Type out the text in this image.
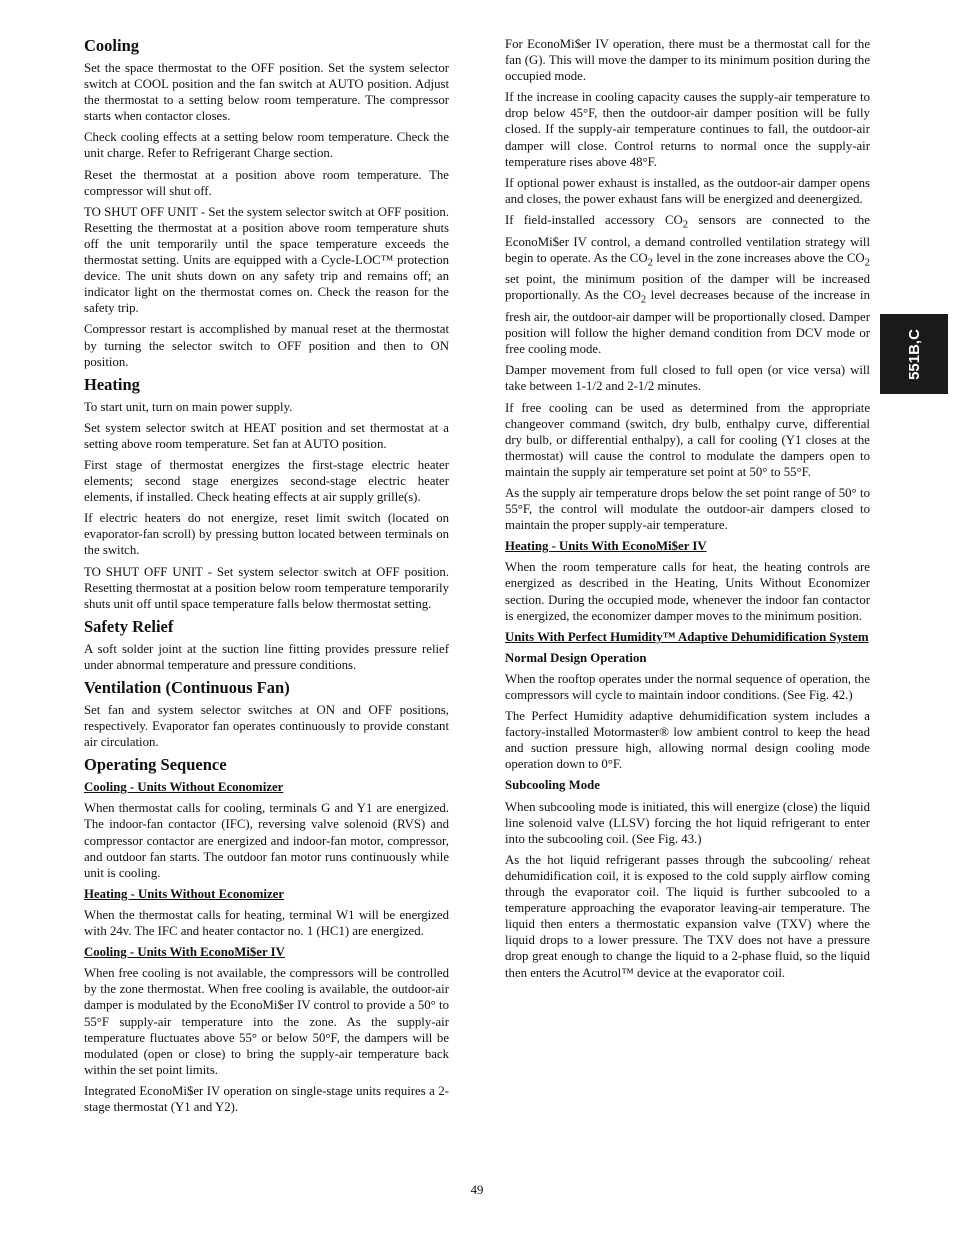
Cooling

Set the space thermostat to the OFF position. Set the system selector switch at COOL position and the fan switch at AUTO position. Adjust the thermostat to a setting below room temperature. The compressor starts when contactor closes.

Check cooling effects at a setting below room temperature. Check the unit charge. Refer to Refrigerant Charge section.

Reset the thermostat at a position above room temperature. The compressor will shut off.

TO SHUT OFF UNIT - Set the system selector switch at OFF position. Resetting the thermostat at a position above room temperature shuts off the unit temporarily until the space temperature exceeds the thermostat setting. Units are equipped with a Cycle-LOC™ protection device. The unit shuts down on any safety trip and remains off; an indicator light on the thermostat comes on. Check the reason for the safety trip.

Compressor restart is accomplished by manual reset at the thermostat by turning the selector switch to OFF position and then to ON position.

Heating

To start unit, turn on main power supply.

Set system selector switch at HEAT position and set thermostat at a setting above room temperature. Set fan at AUTO position.

First stage of thermostat energizes the first-stage electric heater elements; second stage energizes second-stage electric heater elements, if installed. Check heating effects at air supply grille(s).

If electric heaters do not energize, reset limit switch (located on evaporator-fan scroll) by pressing button located between terminals on the switch.

TO SHUT OFF UNIT - Set system selector switch at OFF position. Resetting thermostat at a position below room temperature temporarily shuts unit off until space temperature falls below thermostat setting.

Safety Relief

A soft solder joint at the suction line fitting provides pressure relief under abnormal temperature and pressure conditions.

Ventilation (Continuous Fan)

Set fan and system selector switches at ON and OFF positions, respectively. Evaporator fan operates continuously to provide constant air circulation.

Operating Sequence
Cooling - Units Without Economizer

When thermostat calls for cooling, terminals G and Y1 are energized. The indoor-fan contactor (IFC), reversing valve solenoid (RVS) and compressor contactor are energized and indoor-fan motor, compressor, and outdoor fan starts. The outdoor fan motor runs continuously while unit is cooling.

Heating - Units Without Economizer

When the thermostat calls for heating, terminal W1 will be energized with 24v. The IFC and heater contactor no. 1 (HC1) are energized.

Cooling - Units With EconoMi$er IV

When free cooling is not available, the compressors will be controlled by the zone thermostat. When free cooling is available, the outdoor-air damper is modulated by the EconoMi$er IV control to provide a 50° to 55°F supply-air temperature into the zone. As the supply-air temperature fluctuates above 55° or below 50°F, the dampers will be modulated (open or close) to bring the supply-air temperature back within the set point limits.

Integrated EconoMi$er IV operation on single-stage units requires a 2-stage thermostat (Y1 and Y2).

For EconoMi$er IV operation, there must be a thermostat call for the fan (G). This will move the damper to its minimum position during the occupied mode.

If the increase in cooling capacity causes the supply-air temperature to drop below 45°F, then the outdoor-air damper position will be fully closed. If the supply-air temperature continues to fall, the outdoor-air damper will close. Control returns to normal once the supply-air temperature rises above 48°F.

If optional power exhaust is installed, as the outdoor-air damper opens and closes, the power exhaust fans will be energized and deenergized.

If field-installed accessory $CO_2$ sensors are connected to the EconoMi$er IV control, a demand controlled ventilation strategy will begin to operate. As the $CO_2$ level in the zone increases above the $CO_2$ set point, the minimum position of the damper will be increased proportionally. As the $CO_2$ level decreases because of the increase in fresh air, the outdoor-air damper will be proportionally closed. Damper position will follow the higher demand condition from DCV mode or free cooling mode.

Damper movement from full closed to full open (or vice versa) will take between 1-1/2 and 2-1/2 minutes.

If free cooling can be used as determined from the appropriate changeover command (switch, dry bulb, enthalpy curve, differential dry bulb, or differential enthalpy), a call for cooling (Y1 closes at the thermostat) will cause the control to modulate the dampers open to maintain the supply air temperature set point at 50° to 55°F.

As the supply air temperature drops below the set point range of 50° to 55°F, the control will modulate the outdoor-air dampers closed to maintain the proper supply-air temperature.

Heating - Units With EconoMi$er IV

When the room temperature calls for heat, the heating controls are energized as described in the Heating, Units Without Economizer section. During the occupied mode, whenever the indoor fan contactor is energized, the economizer damper moves to the minimum position.

Units With Perfect Humidity™ Adaptive Dehumidification System
Normal Design Operation

When the rooftop operates under the normal sequence of operation, the compressors will cycle to maintain indoor conditions. (See Fig. 42.)

The Perfect Humidity adaptive dehumidification system includes a factory-installed Motormaster® low ambient control to keep the head and suction pressure high, allowing normal design cooling mode operation down to 0°F.

Subcooling Mode

When subcooling mode is initiated, this will energize (close) the liquid line solenoid valve (LLSV) forcing the hot liquid refrigerant to enter into the subcooling coil. (See Fig. 43.)

As the hot liquid refrigerant passes through the subcooling/ reheat dehumidification coil, it is exposed to the cold supply airflow coming through the evaporator coil. The liquid is further subcooled to a temperature approaching the evaporator leaving-air temperature. The liquid then enters a thermostatic expansion valve (TXV) where the liquid drops to a lower pressure. The TXV does not have a pressure drop great enough to change the liquid to a 2-phase fluid, so the liquid then enters the Acutrol™ device at the evaporator coil.

551B,C
49
